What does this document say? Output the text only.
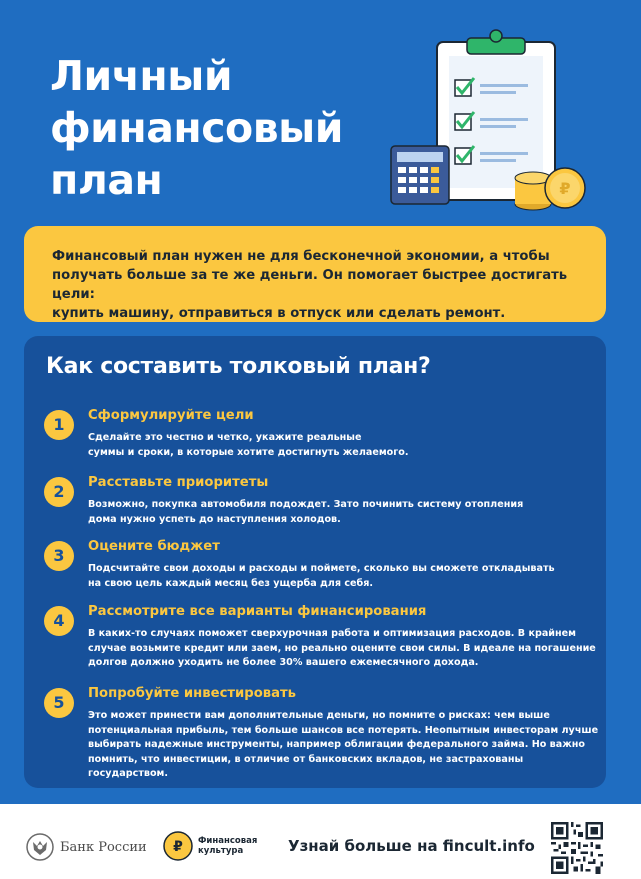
Личный
финансовый
план	₽

Финансовый план нужен не для бесконечной экономии, а чтобы

получать больше за те же деньги. Он помогает быстрее достигать цели:

купить машину, отправиться в отпуск или сделать ремонт.

Как составить толковый план?
1	Сформулируйте цели
Сделайте это честно и четко, укажите реальные
суммы и сроки, в которые хотите достигнуть желаемого.
2	Расставьте приоритеты
Возможно, покупка автомобиля подождет. Зато починить систему отопления
дома нужно успеть до наступления холодов.
3	Оцените бюджет
Подсчитайте свои доходы и расходы и поймете, сколько вы сможете откладывать
на свою цель каждый месяц без ущерба для себя.
4	Рассмотрите все варианты финансирования
В каких-то случаях поможет сверхурочная работа и оптимизация расходов. В крайнем
случае возьмите кредит или заем, но реально оцените свои силы. В идеале на погашение
долгов должно уходить не более 30% вашего ежемесячного дохода.
5	Попробуйте инвестировать
Это может принести вам дополнительные деньги, но помните о рисках: чем выше
потенциальная прибыль, тем больше шансов все потерять. Неопытным инвесторам лучше
выбирать надежные инструменты, например облигации федерального займа. Но важно
помнить, что инвестиции, в отличие от банковских вкладов, не застрахованы
государством.
Банк России ₽ Финансовая
культура	Узнай больше на fincult.info
